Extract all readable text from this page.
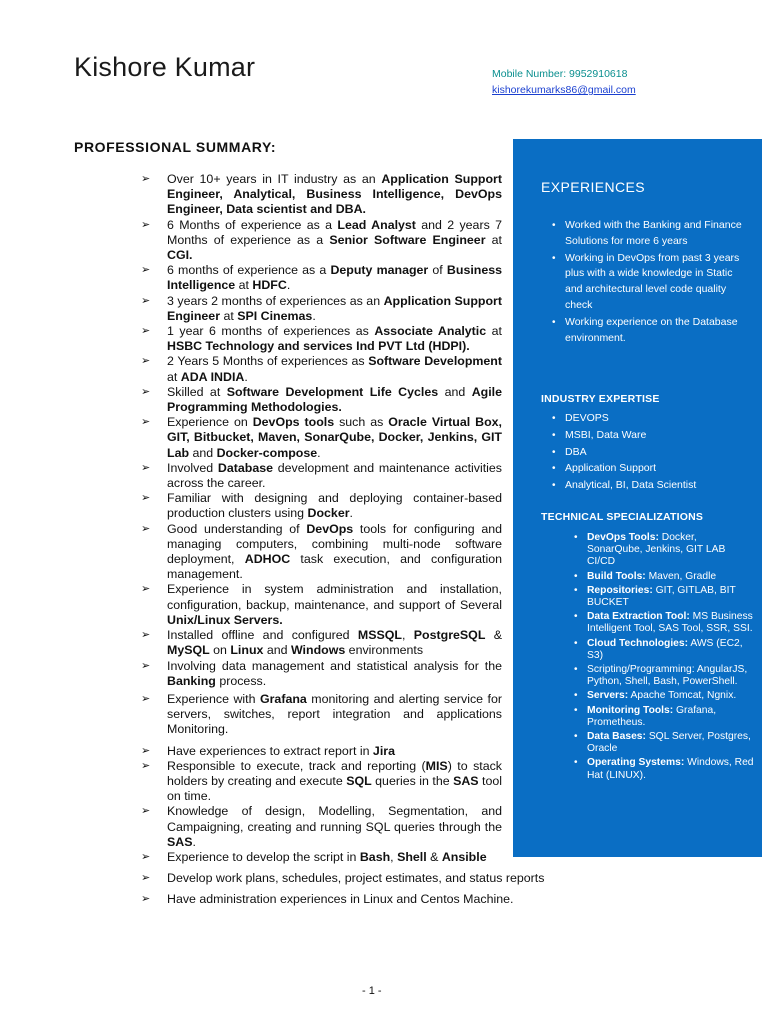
Kishore Kumar	Mobile Number: 9952910618
kishorekumarks86@gmail.com
PROFESSIONAL SUMMARY:
➢ Over 10+ years in IT industry as an Application Support Engineer, Analytical, Business Intelligence, DevOps Engineer, Data scientist and DBA.
➢ 6 Months of experience as a Lead Analyst and 2 years 7 Months of experience as a Senior Software Engineer at CGI.
➢ 6 months of experience as a Deputy manager of Business Intelligence at HDFC.
➢ 3 years 2 months of experiences as an Application Support Engineer at SPI Cinemas.
➢ 1 year 6 months of experiences as Associate Analytic at HSBC Technology and services Ind PVT Ltd (HDPI).
➢ 2 Years 5 Months of experiences as Software Development at ADA INDIA.
➢ Skilled at Software Development Life Cycles and Agile Programming Methodologies.
➢ Experience on DevOps tools such as Oracle Virtual Box, GIT, Bitbucket, Maven, SonarQube, Docker, Jenkins, GIT Lab and Docker-compose.
➢ Involved Database development and maintenance activities across the career.
➢ Familiar with designing and deploying container-based production clusters using Docker.
➢ Good understanding of DevOps tools for configuring and managing computers, combining multi-node software deployment, ADHOC task execution, and configuration management.
➢ Experience in system administration and installation, configuration, backup, maintenance, and support of Several Unix/Linux Servers.
➢ Installed offline and configured MSSQL, PostgreSQL & MySQL on Linux and Windows environments
➢ Involving data management and statistical analysis for the Banking process.
➢ Experience with Grafana monitoring and alerting service for servers, switches, report integration and applications Monitoring.
➢ Have experiences to extract report in Jira
➢ Responsible to execute, track and reporting (MIS) to stack holders by creating and execute SQL queries in the SAS tool on time.
➢ Knowledge of design, Modelling, Segmentation, and Campaigning, creating and running SQL queries through the SAS.
➢ Experience to develop the script in Bash, Shell & Ansible
➢ Develop work plans, schedules, project estimates, and status reports
➢ Have administration experiences in Linux and Centos Machine.
EXPERIENCES
• Worked with the Banking and Finance Solutions for more 6 years
• Working in DevOps from past 3 years plus with a wide knowledge in Static and architectural level code quality check
• Working experience on the Database environment.
INDUSTRY EXPERTISE
• DEVOPS
• MSBI, Data Ware
• DBA
• Application Support
• Analytical, BI, Data Scientist
TECHNICAL SPECIALIZATIONS
• DevOps Tools: Docker, SonarQube, Jenkins, GIT LAB CI/CD
• Build Tools: Maven, Gradle
• Repositories: GIT, GITLAB, BIT BUCKET
• Data Extraction Tool: MS Business Intelligent Tool, SAS Tool, SSR, SSI.
• Cloud Technologies: AWS (EC2, S3)
• Scripting/Programming: AngularJS, Python, Shell, Bash, PowerShell.
• Servers: Apache Tomcat, Ngnix.
• Monitoring Tools: Grafana, Prometheus.
• Data Bases: SQL Server, Postgres, Oracle
• Operating Systems: Windows, Red Hat (LINUX).
- 1 -
